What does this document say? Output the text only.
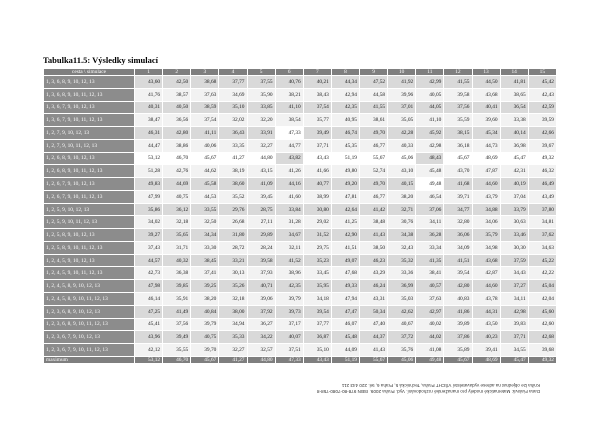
Tabulka11.5: Výsledky simulací
cesta \ simulace	1	2	3	4	5	6	7	8	9	10	11	12	13	14	15
1, 3, 6, 8, 9, 10, 12, 13	43,60	42,50	38,68	37,77	37,55	40,76	40,21	44,34	47,52	41,92	42,99	41,55	44,50	41,81	45,42
1, 3, 6, 8, 9, 10, 11, 12, 13	41,76	38,57	37,63	34,69	35,90	38,21	38,43	42,94	44,58	39,96	40,05	39,58	43,68	38,65	42,43
1, 3, 6, 7, 9, 10, 12, 13	40,31	40,50	38,59	35,10	33,85	41,10	37,54	42,35	41,55	37,01	44,05	37,56	40,41	36,54	42,59
1, 3, 6, 7, 9, 10, 11, 12, 13	38,47	36,56	37,54	32,02	32,20	38,54	35,77	40,95	38,61	35,05	41,10	35,59	39,60	33,38	39,59
1, 2, 7, 9, 10, 12, 13	46,31	42,80	41,11	36,43	33,91	47,33	39,49	46,74	49,70	42,28	45,92	38,15	45,34	40,14	42,66
1, 2, 7, 9, 10, 11, 12, 13	44,47	38,86	40,06	33,35	32,27	44,77	37,71	45,35	46,77	40,33	42,98	36,18	44,73	36,98	39,67
1, 2, 6, 8, 9, 10, 12, 13	53,12	46,70	45,67	41,27	44,80	43,82	43,43	51,19	55,67	45,06	48,43	45,67	48,69	45,47	49,32
1, 2, 6, 8, 9, 10, 11, 12, 13	51,28	42,76	44,62	38,19	43,15	41,26	41,66	49,80	52,74	43,10	45,48	43,70	47,87	42,31	46,32
1, 2, 6, 7, 9, 10, 12, 13	49,83	44,69	45,58	38,60	41,09	44,16	40,77	49,20	49,70	40,15	49,48	41,68	44,60	40,19	46,49
1, 2, 6, 7, 9, 10, 11, 12, 13	47,99	40,75	44,53	35,52	39,45	41,60	38,99	47,81	46,77	38,20	46,54	39,71	43,79	37,04	43,49
1, 2, 5, 9, 10, 12, 13	35,86	36,12	33,55	29,76	28,75	33,84	30,80	42,64	41,42	32,71	37,06	34,77	34,88	33,79	37,80
1, 2, 5, 9, 10, 11, 12, 13	34,02	32,18	32,50	26,68	27,11	31,28	29,02	41,25	38,48	30,76	34,11	32,80	34,06	30,63	34,81
1, 2, 5, 8, 9, 10, 12, 13	39,27	35,65	34,34	31,80	29,89	34,67	31,52	42,90	41,43	34,38	36,28	36,06	35,79	33,46	37,62
1, 2, 5, 8, 9, 10, 11, 12, 13	37,43	31,71	33,30	28,72	28,24	32,11	29,75	41,51	38,50	32,43	33,34	34,09	34,98	30,30	34,63
1, 2, 4, 5, 9, 10, 12, 13	44,57	40,32	38,45	33,21	39,58	41,52	35,23	49,07	46,23	35,32	41,35	41,51	43,68	37,59	45,22
1, 2, 4, 5, 9, 10, 11, 12, 13	42,73	36,38	37,41	30,13	37,93	38,96	33,45	47,68	43,29	33,36	38,41	39,54	42,87	34,43	42,22
1, 2, 4, 5, 8, 9, 10, 12, 13	47,98	39,85	39,25	35,26	40,71	42,35	35,95	49,33	46,24	36,99	40,57	42,80	44,60	37,27	45,04
1, 2, 4, 5, 8, 9, 10, 11, 12, 13	46,14	35,91	38,20	32,18	39,06	39,79	34,18	47,94	43,31	35,03	37,63	40,83	43,78	34,11	42,04
1, 2, 3, 6, 8, 9, 10, 12, 13	47,25	41,49	40,84	38,00	37,92	39,73	39,54	47,47	50,34	42,62	42,97	41,86	44,31	42,98	45,60
1, 2, 3, 6, 8, 9, 10, 11, 12, 13	45,41	37,56	39,79	34,94	36,27	37,17	37,77	46,07	47,40	40,67	40,02	39,89	43,50	39,83	42,60
1, 2, 3, 6, 7, 9, 10, 12, 13	43,96	39,49	40,75	35,33	34,22	40,07	36,87	45,48	44,37	37,72	44,02	37,86	40,23	37,71	42,68
1, 2, 3, 6, 7, 9, 10, 11, 12, 13	42,12	35,55	39,70	32,27	32,57	37,51	35,10	44,09	41,43	35,76	41,08	35,89	39,41	34,55	39,68
maximum	53,12	46,70	45,67	41,27	44,80	47,33	43,43	51,19	55,67	45,06	49,48	45,67	48,69	45,47	49,32
Dana Fialová: Matematické modely pro manažerské rozhodování. Vyd. Praha 2009. ISBN 978-80-7080-758-8
Kniha lze objednat na adrese vydavatelství VŠCHT Praha, Technická 5, Praha 6, tel. 220 443 211
